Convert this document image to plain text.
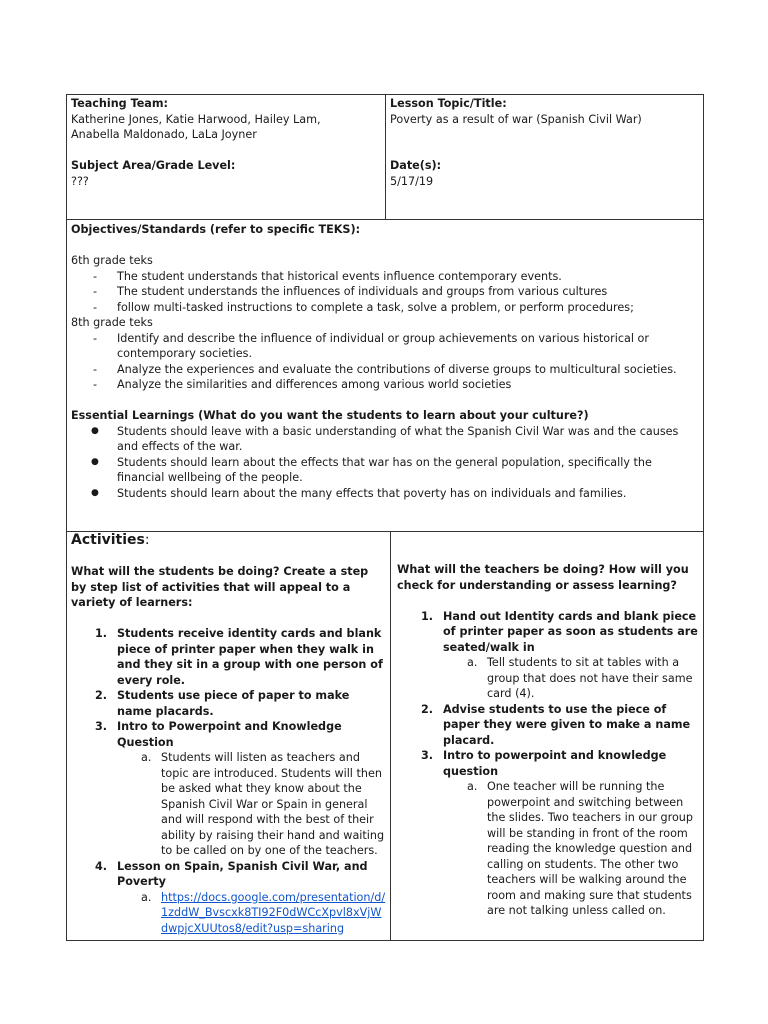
Teaching Team:
Katherine Jones, Katie Harwood, Hailey Lam,
Anabella Maldonado, LaLa Joyner
Subject Area/Grade Level:
???
Lesson Topic/Title:
Poverty as a result of war (Spanish Civil War)
Date(s):
5/17/19
Objectives/Standards (refer to specific TEKS):
6th grade teks
- The student understands that historical events influence contemporary events.
- The student understands the influences of individuals and groups from various cultures
- follow multi-tasked instructions to complete a task, solve a problem, or perform procedures;
8th grade teks
- Identify and describe the influence of individual or group achievements on various historical or contemporary societies.
- Analyze the experiences and evaluate the contributions of diverse groups to multicultural societies.
- Analyze the similarities and differences among various world societies
Essential Learnings (What do you want the students to learn about your culture?)
● Students should leave with a basic understanding of what the Spanish Civil War was and the causes and effects of the war.
● Students should learn about the effects that war has on the general population, specifically the financial wellbeing of the people.
● Students should learn about the many effects that poverty has on individuals and families.
Activities:
What will the students be doing? Create a step by step list of activities that will appeal to a variety of learners:
1. Students receive identity cards and blank piece of printer paper when they walk in and they sit in a group with one person of every role.
2. Students use piece of paper to make name placards.
3. Intro to Powerpoint and Knowledge Question
a. Students will listen as teachers and topic are introduced. Students will then be asked what they know about the Spanish Civil War or Spain in general and will respond with the best of their ability by raising their hand and waiting to be called on by one of the teachers.
4. Lesson on Spain, Spanish Civil War, and Poverty
a. https://docs.google.com/presentation/d/1zddW_Bvscxk8TI92F0dWCcXpvl8xVjWdwpjcXUUtos8/edit?usp=sharing
What will the teachers be doing? How will you check for understanding or assess learning?
1. Hand out Identity cards and blank piece of printer paper as soon as students are seated/walk in
a. Tell students to sit at tables with a group that does not have their same card (4).
2. Advise students to use the piece of paper they were given to make a name placard.
3. Intro to powerpoint and knowledge question
a. One teacher will be running the powerpoint and switching between the slides. Two teachers in our group will be standing in front of the room reading the knowledge question and calling on students. The other two teachers will be walking around the room and making sure that students are not talking unless called on.
